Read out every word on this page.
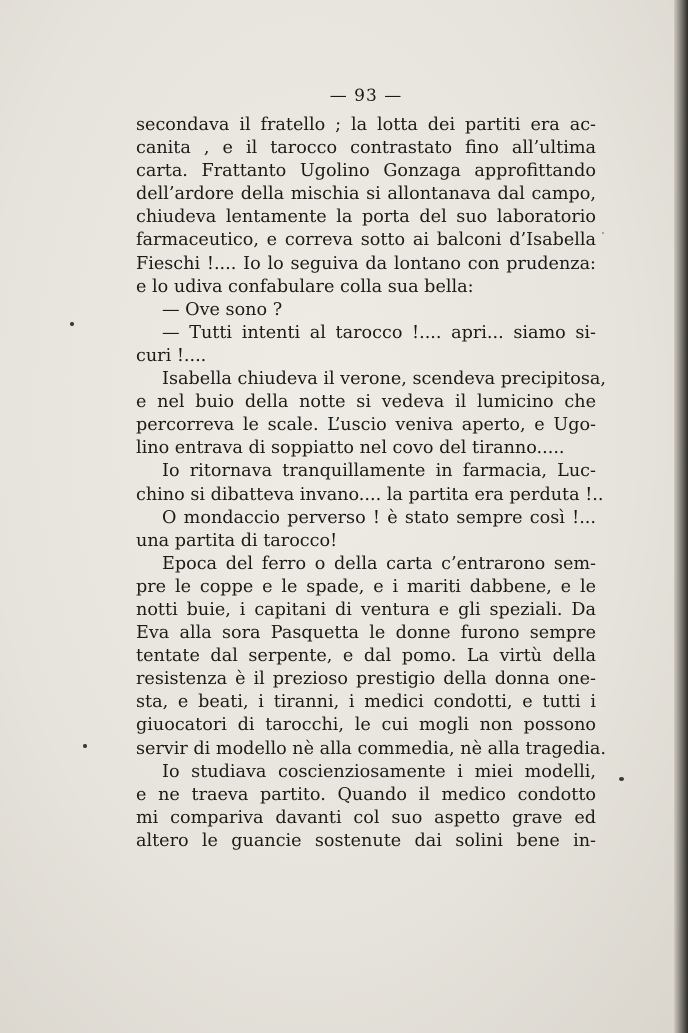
— 93 —
secondava il fratello ; la lotta dei partiti era ac-
canita , e il tarocco contrastato fino all’ultima
carta. Frattanto Ugolino Gonzaga approfittando
dell’ardore della mischia si allontanava dal campo,
chiudeva lentamente la porta del suo laboratorio
farmaceutico, e correva sotto ai balconi d’Isabella
Fieschi !.... Io lo seguiva da lontano con prudenza:
e lo udiva confabulare colla sua bella:
— Ove sono ?
— Tutti intenti al tarocco !.... apri... siamo si-
curi !....
Isabella chiudeva il verone, scendeva precipitosa,
e nel buio della notte si vedeva il lumicino che
percorreva le scale. L’uscio veniva aperto, e Ugo-
lino entrava di soppiatto nel covo del tiranno.....
Io ritornava tranquillamente in farmacia, Luc-
chino si dibatteva invano.... la partita era perduta !..
O mondaccio perverso ! è stato sempre così !...
una partita di tarocco!
Epoca del ferro o della carta c’entrarono sem-
pre le coppe e le spade, e i mariti dabbene, e le
notti buie, i capitani di ventura e gli speziali. Da
Eva alla sora Pasquetta le donne furono sempre
tentate dal serpente, e dal pomo. La virtù della
resistenza è il prezioso prestigio della donna one-
sta, e beati, i tiranni, i medici condotti, e tutti i
giuocatori di tarocchi, le cui mogli non possono
servir di modello nè alla commedia, nè alla tragedia.
Io studiava coscienziosamente i miei modelli,
e ne traeva partito. Quando il medico condotto
mi compariva davanti col suo aspetto grave ed
altero le guancie sostenute dai solini bene in-
